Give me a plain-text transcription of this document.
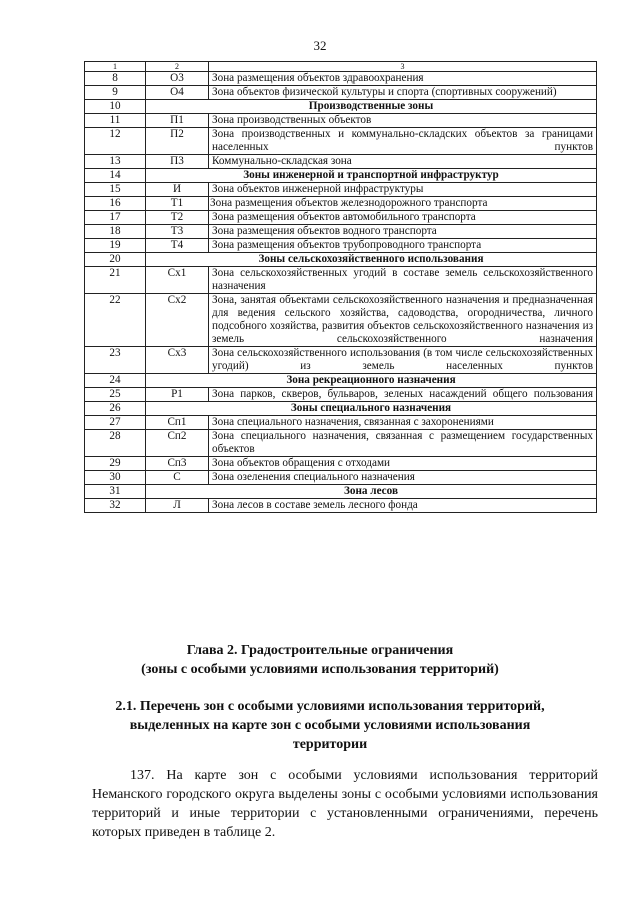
32
1	2	3
8	О3	Зона размещения объектов здравоохранения
9	О4	Зона объектов физической культуры и спорта (спортивных сооружений)
10	Производственные зоны	
11	П1	Зона производственных объектов
12	П2	Зона производственных и коммунально-складских объектов за границами населенных пунктов
13	П3	Коммунально-складская зона
14	Зоны инженерной и транспортной инфраструктур	
15	И	Зона объектов инженерной инфраструктуры
16	Т1	Зона размещения объектов железнодорожного транспорта
17	Т2	Зона размещения объектов автомобильного транспорта
18	Т3	Зона размещения объектов водного транспорта
19	Т4	Зона размещения объектов трубопроводного транспорта
20	Зоны сельскохозяйственного использования	
21	Сх1	Зона сельскохозяйственных угодий в составе земель сельскохозяйственного назначения
22	Сх2	Зона, занятая объектами сельскохозяйственного назначения и предназначенная для ведения сельского хозяйства, садоводства, огородничества, личного подсобного хозяйства, развития объектов сельскохозяйственного назначения из земель сельскохозяйственного назначения
23	Сх3	Зона сельскохозяйственного использования (в том числе сельскохозяйственных угодий) из земель населенных пунктов
24	Зона рекреационного назначения	
25	Р1	Зона парков, скверов, бульваров, зеленых насаждений общего пользования
26	Зоны специального назначения	
27	Сп1	Зона специального назначения, связанная с захоронениями
28	Сп2	Зона специального назначения, связанная с размещением государственных объектов
29	Сп3	Зона объектов обращения с отходами
30	С	Зона озеленения специального назначения
31	Зона лесов	
32	Л	Зона лесов в составе земель лесного фонда
Глава 2. Градостроительные ограничения
(зоны с особыми условиями использования территорий)
2.1. Перечень зон с особыми условиями использования территорий,
выделенных на карте зон с особыми условиями использования
территории
137. На карте зон с особыми условиями использования территорий Неманского городского округа выделены зоны с особыми условиями использования территорий и иные территории с установленными ограничениями, перечень которых приведен в таблице 2.
